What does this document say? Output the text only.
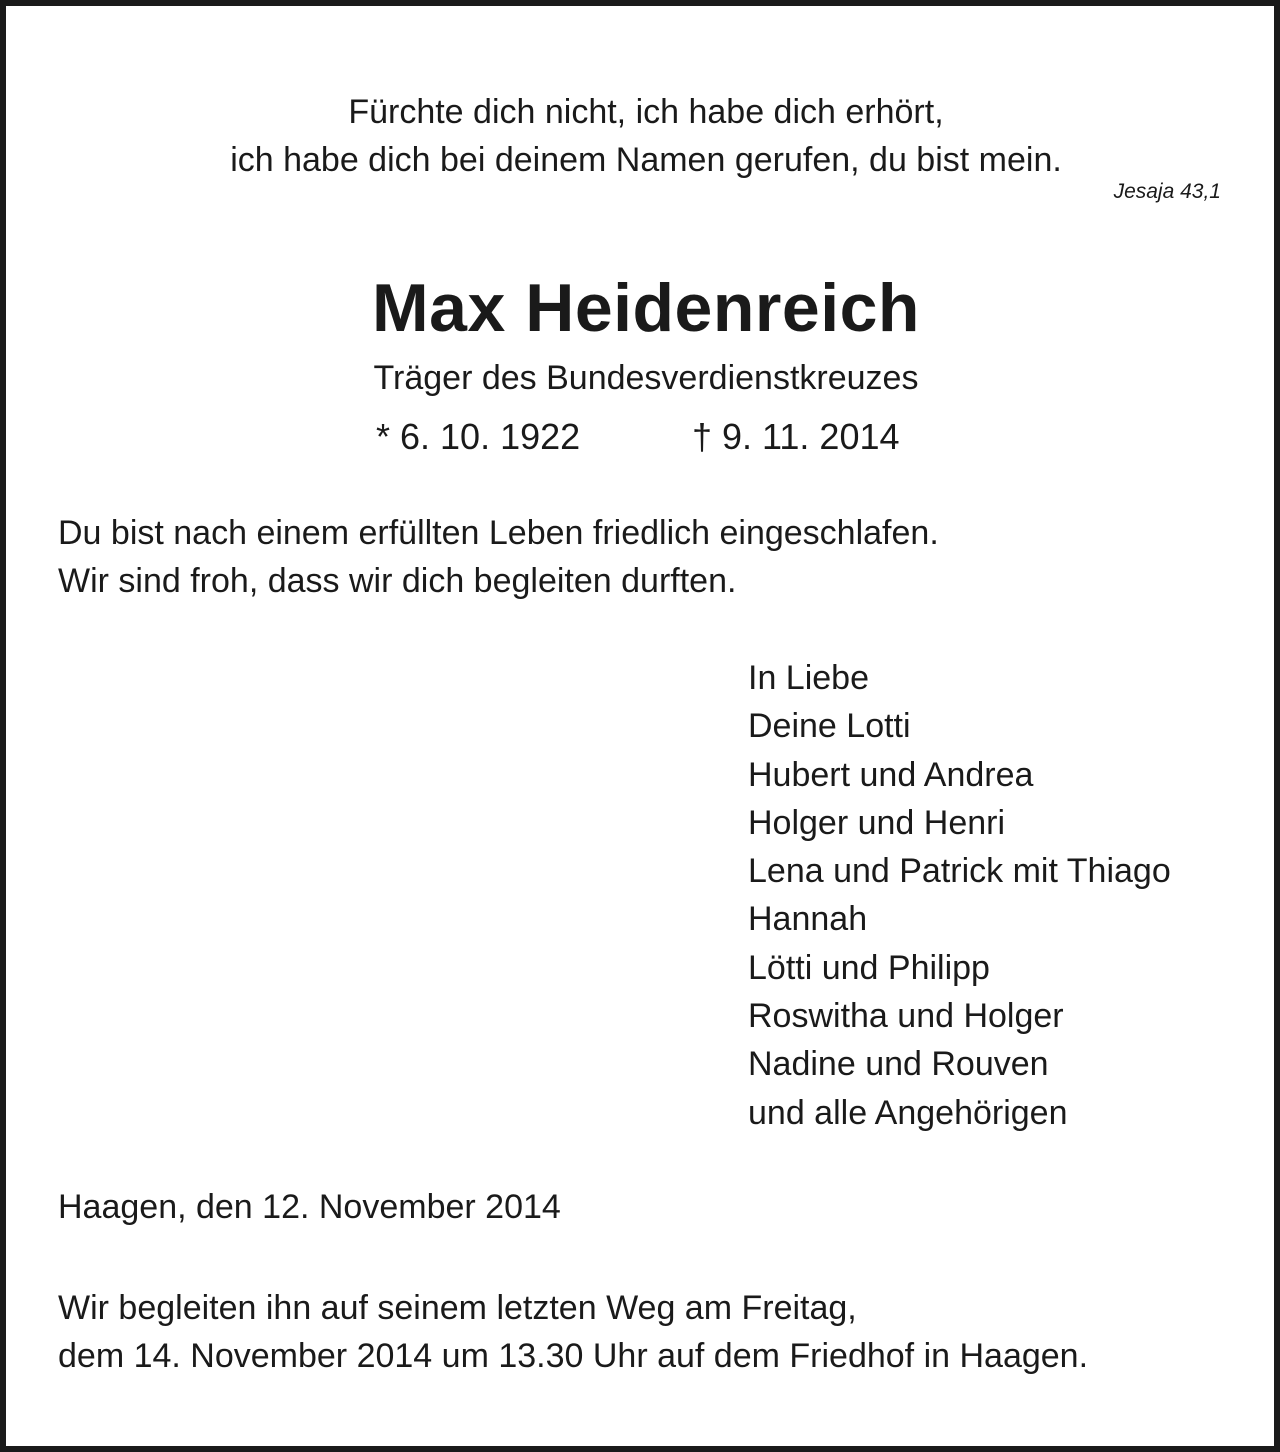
Fürchte dich nicht, ich habe dich erhört,

ich habe dich bei deinem Namen gerufen, du bist mein.

Jesaja 43,1

Max Heidenreich

Träger des Bundesverdienstkreuzes

* 6. 10. 1922	† 9. 11. 2014

Du bist nach einem erfüllten Leben friedlich eingeschlafen.

Wir sind froh, dass wir dich begleiten durften.

In Liebe
Deine Lotti
Hubert und Andrea
Holger und Henri
Lena und Patrick mit Thiago
Hannah
Lötti und Philipp
Roswitha und Holger
Nadine und Rouven
und alle Angehörigen

Haagen, den 12. November 2014

Wir begleiten ihn auf seinem letzten Weg am Freitag,

dem 14. November 2014 um 13.30 Uhr auf dem Friedhof in Haagen.
